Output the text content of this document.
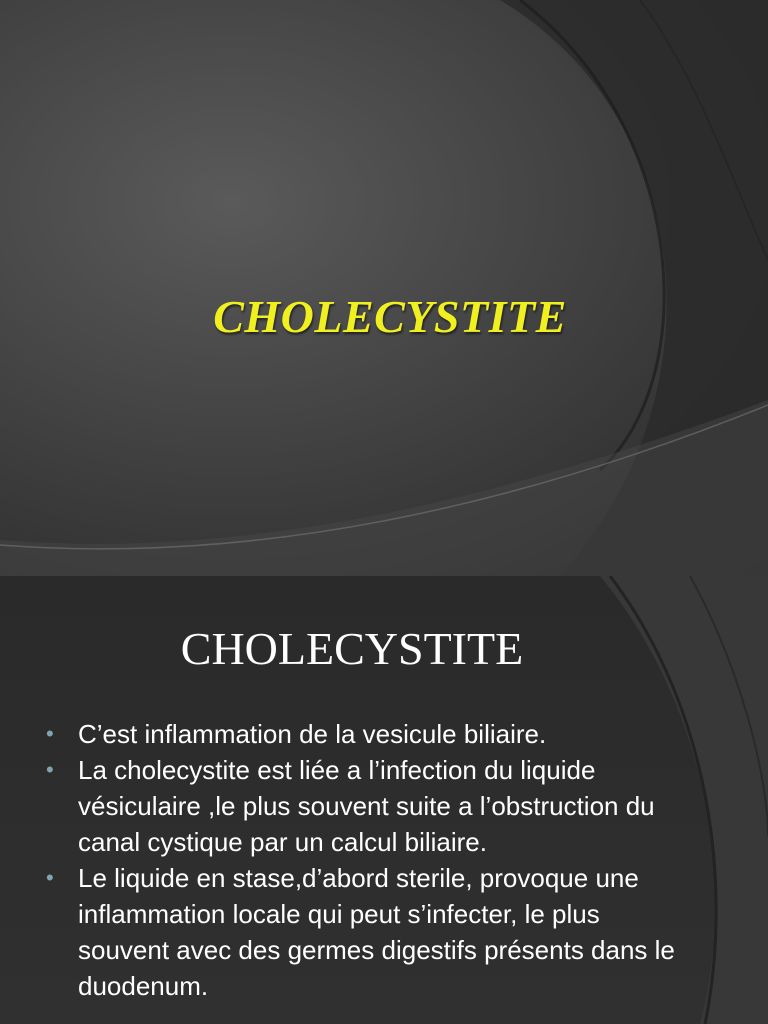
CHOLECYSTITE
CHOLECYSTITE
• C’est inflammation de la vesicule biliaire.
• La cholecystite est liée a l’infection du liquide vésiculaire ,le plus souvent suite a l’obstruction du canal cystique par un calcul biliaire.
• Le liquide en stase,d’abord sterile, provoque une inflammation locale qui peut s’infecter, le plus souvent avec des germes digestifs présents dans le duodenum.
